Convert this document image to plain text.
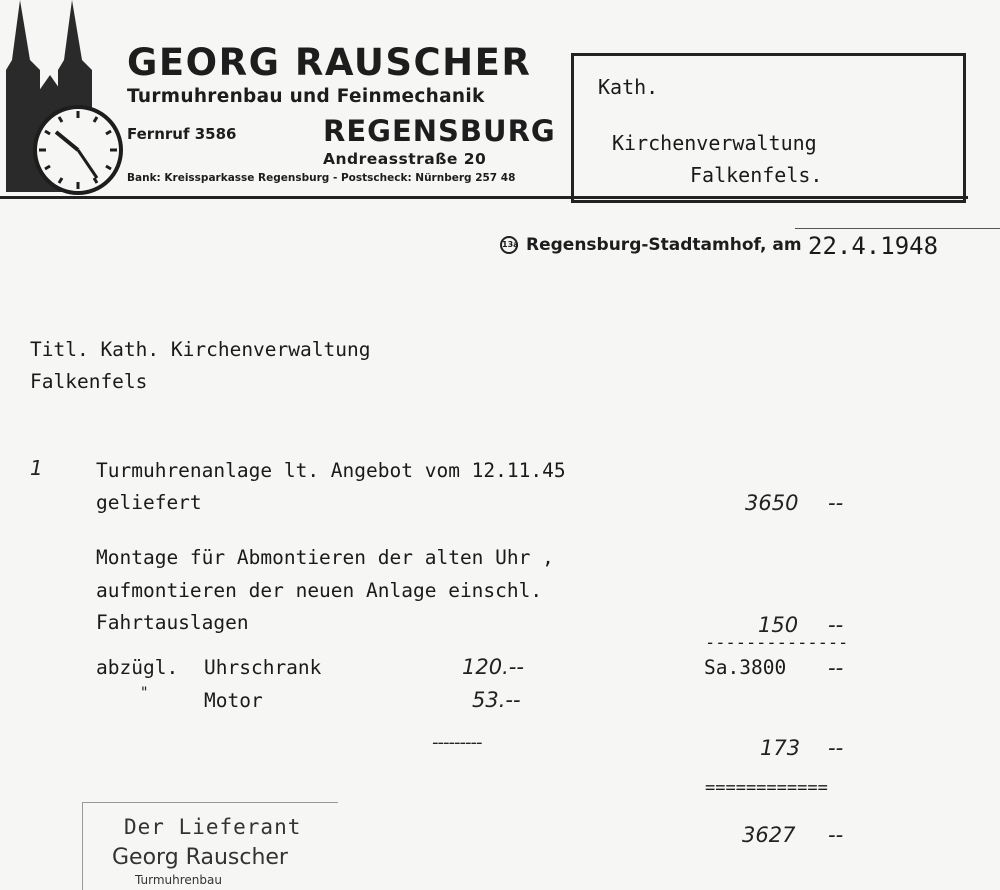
GEORG RAUSCHER
Turmuhrenbau und Feinmechanik
Fernruf 3586	REGENSBURG
Andreasstraße 20
Bank: Kreissparkasse Regensburg - Postscheck: Nürnberg 257 48
Kath.
Kirchenverwaltung
Falkenfels.
13a Regensburg-Stadtamhof, am 22.4.1948
Titl. Kath. Kirchenverwaltung
Falkenfels
1	Turmuhrenanlage lt. Angebot vom 12.11.45
geliefert	3650 --
Montage für Abmontieren der alten Uhr ,
aufmontieren der neuen Anlage einschl.
Fahrtauslagen	150 --
--------------
abzügl. Uhrschrank	120.--	Sa.3800 --
"	Motor	53.--
---------	173 --
============
3627 --
Der Lieferant
Georg Rauscher
Turmuhrenbau
